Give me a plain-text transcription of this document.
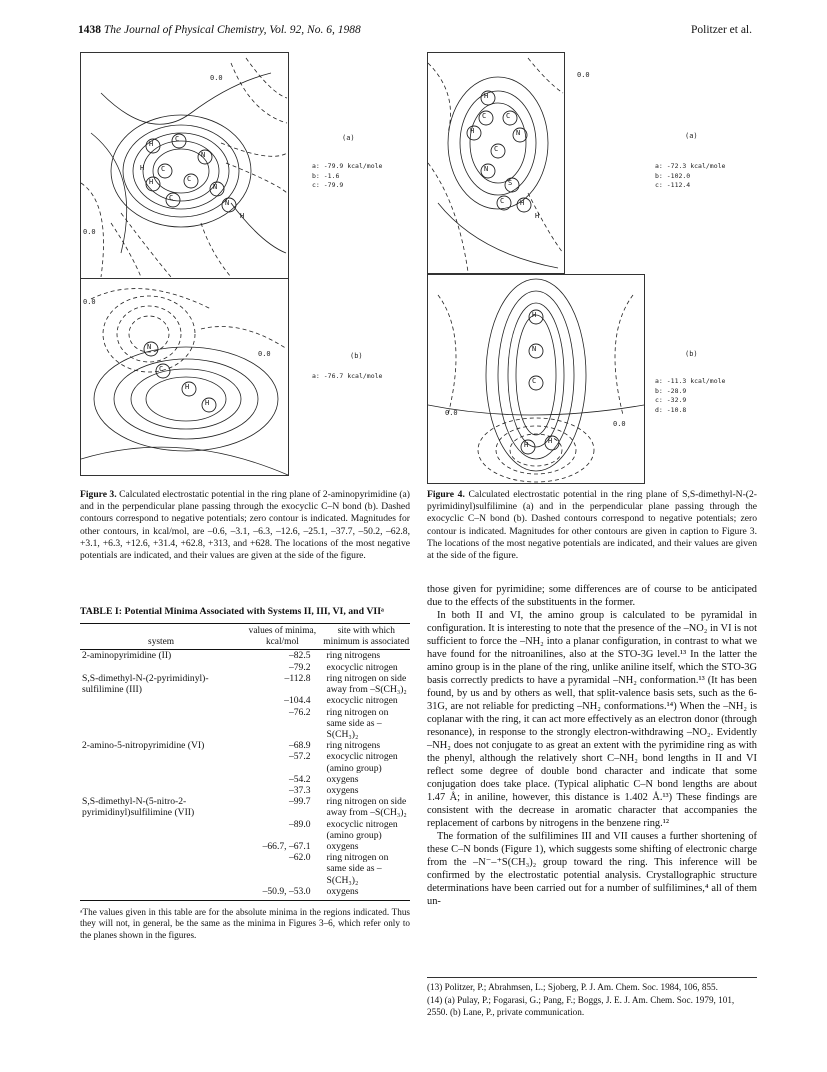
1438 The Journal of Physical Chemistry, Vol. 92, No. 6, 1988	Politzer et al.
0.0
0.0
H
C
N
H C
C
H
N
C
N
H
(a)
a: -79.9 kcal/mole
b: -1.6
c: -79.9
0.0
0.0
N
C
H
H
(b)
a: -76.7 kcal/mole
Figure 3. Calculated electrostatic potential in the ring plane of 2-aminopyrimidine (a) and in the perpendicular plane passing through the exocyclic C–N bond (b). Dashed contours correspond to negative potentials; zero contour is indicated. Magnitudes for other contours, in kcal/mol, are –0.6, –3.1, –6.3, –12.6, –25.1, –37.7, –50.2, –62.8, +3.1, +6.3, +12.6, +31.4, +62.8, +313, and +628. The locations of the most negative potentials are indicated, and their values are given at the side of the figure.
TABLE I: Potential Minima Associated with Systems II, III, VI, and VIIᵃ
system	values of minima, kcal/mol	site with which minimum is associated
2-aminopyrimidine (II)	–82.5	ring nitrogens
	–79.2	exocyclic nitrogen
S,S-dimethyl-N-(2-pyrimidinyl)-sulfilimine (III)	–112.8	ring nitrogen on side away from –S(CH₃)₂
	–104.4	exocyclic nitrogen
	–76.2	ring nitrogen on same side as –S(CH₃)₂
2-amino-5-nitropyrimidine (VI)	–68.9	ring nitrogens
	–57.2	exocyclic nitrogen (amino group)
	–54.2	oxygens
	–37.3	oxygens
S,S-dimethyl-N-(5-nitro-2-pyrimidinyl)sulfilimine (VII)	–99.7	ring nitrogen on side away from –S(CH₃)₂
	–89.0	exocyclic nitrogen (amino group)
	–66.7, –67.1	oxygens
	–62.0	ring nitrogen on same side as –S(CH₃)₂
	–50.9, –53.0	oxygens
ᵃThe values given in this table are for the absolute minima in the regions indicated. Thus they will not, in general, be the same as the minima in Figures 3–6, which refer only to the planes shown in the figures.
0.0
H
C	C
H	N
C
N
S
C H
H
(a)
a: -72.3 kcal/mole
b: -102.0
c: -112.4
0.0
0.0
H
N
C
H	H
(b)
a: -11.3 kcal/mole
b: -28.9
c: -32.9
d: -10.8
Figure 4. Calculated electrostatic potential in the ring plane of S,S-dimethyl-N-(2-pyrimidinyl)sulfilimine (a) and in the perpendicular plane passing through the exocyclic C–N bond (b). Dashed contours correspond to negative potentials; zero contour is indicated. Magnitudes for other contours are given in caption to Figure 3. The locations of the most negative potentials are indicated, and their values are given at the side of the figure.

those given for pyrimidine; some differences are of course to be anticipated due to the effects of the substituents in the former.

In both II and VI, the amino group is calculated to be pyramidal in configuration. It is interesting to note that the presence of the –NO₂ in VI is not sufficient to force the –NH₂ into a planar configuration, in contrast to what we have found for the nitroanilines, also at the STO-3G level.¹³ In the latter the amino group is in the plane of the ring, unlike aniline itself, which the STO-3G basis correctly predicts to have a pyramidal –NH₂ conformation.¹³ (It has been found, by us and by others as well, that split-valence basis sets, such as the 6-31G, are not reliable for predicting –NH₂ conformations.¹⁴) When the –NH₂ is coplanar with the ring, it can act more effectively as an electron donor (through resonance), in response to the strongly electron-withdrawing –NO₂. Evidently –NH₂ does not conjugate to as great an extent with the pyrimidine ring as with the phenyl, although the relatively short C–NH₂ bond lengths in II and VI reflect some degree of double bond character and indicate that some conjugation does take place. (Typical aliphatic C–N bond lengths are about 1.47 Å; in aniline, however, this distance is 1.402 Å.¹³) These findings are consistent with the decrease in aromatic character that accompanies the replacement of carbons by nitrogens in the benzene ring.¹²

The formation of the sulfilimines III and VII causes a further shortening of these C–N bonds (Figure 1), which suggests some shifting of electronic charge from the –N⁻–⁺S(CH₃)₂ group toward the ring. This inference will be confirmed by the electrostatic potential analysis. Crystallographic structure determinations have been carried out for a number of sulfilimines,⁴ all of them un-

(13) Politzer, P.; Abrahmsen, L.; Sjoberg, P. J. Am. Chem. Soc. 1984, 106, 855.
(14) (a) Pulay, P.; Fogarasi, G.; Pang, F.; Boggs, J. E. J. Am. Chem. Soc. 1979, 101, 2550. (b) Lane, P., private communication.
